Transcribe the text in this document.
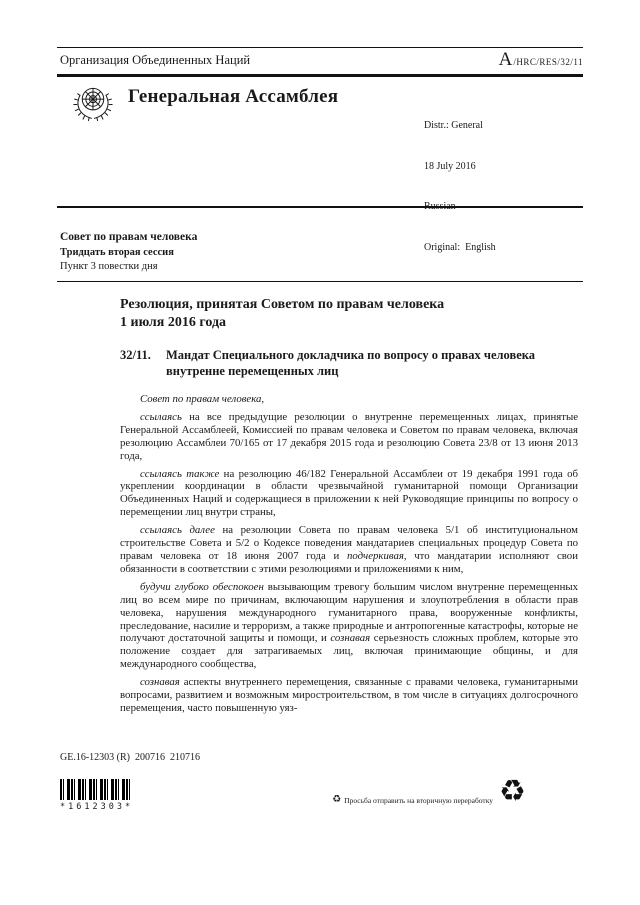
Организация Объединенных Наций	A /HRC/RES/32/11
Генеральная Ассамблея

Distr.: General

18 July 2016

Original:  English

Совет по правам человека
Тридцать вторая сессия
Пункт 3 повестки дня
Резолюция, принятая Советом по правам человека
1 июля 2016 года
32/11.	Мандат Специального докладчика по вопросу о правах человека внутренне перемещенных лиц

Совет по правам человека,

ссылаясь на все предыдущие резолюции о внутренне перемещенных лицах, принятые Генеральной Ассамблеей, Комиссией по правам человека и Советом по правам человека, включая резолюцию Ассамблеи 70/165 от 17 декабря 2015 года и резолюцию Совета 23/8 от 13 июня 2013 года,

ссылаясь также на резолюцию 46/182 Генеральной Ассамблеи от 19 декабря 1991 года об укреплении координации в области чрезвычайной гуманитарной помощи Организации Объединенных Наций и содержащиеся в приложении к ней Руководящие принципы по вопросу о перемещении лиц внутри страны,

ссылаясь далее на резолюции Совета по правам человека 5/1 об институциональном строительстве Совета и 5/2 о Кодексе поведения мандатариев специальных процедур Совета по правам человека от 18 июня 2007 года и подчеркивая, что мандатарии исполняют свои обязанности в соответствии с этими резолюциями и приложениями к ним,

будучи глубоко обеспокоен вызывающим тревогу большим числом внутренне перемещенных лиц во всем мире по причинам, включающим нарушения и злоупотребления в области прав человека, нарушения международного гуманитарного права, вооруженные конфликты, преследование, насилие и терроризм, а также природные и антропогенные катастрофы, которые не получают достаточной защиты и помощи, и сознавая серьезность сложных проблем, которые это положение создает для затрагиваемых лиц, включая принимающие общины, и для международного сообщества,

сознавая аспекты внутреннего перемещения, связанные с правами человека, гуманитарными вопросами, развитием и возможным миростроительством, в том числе в ситуациях долгосрочного перемещения, часто повышенную уяз-

GE.16-12303 (R)  200716  210716
*1612303*
♻ Просьба отправить на вторичную переработку ♻
